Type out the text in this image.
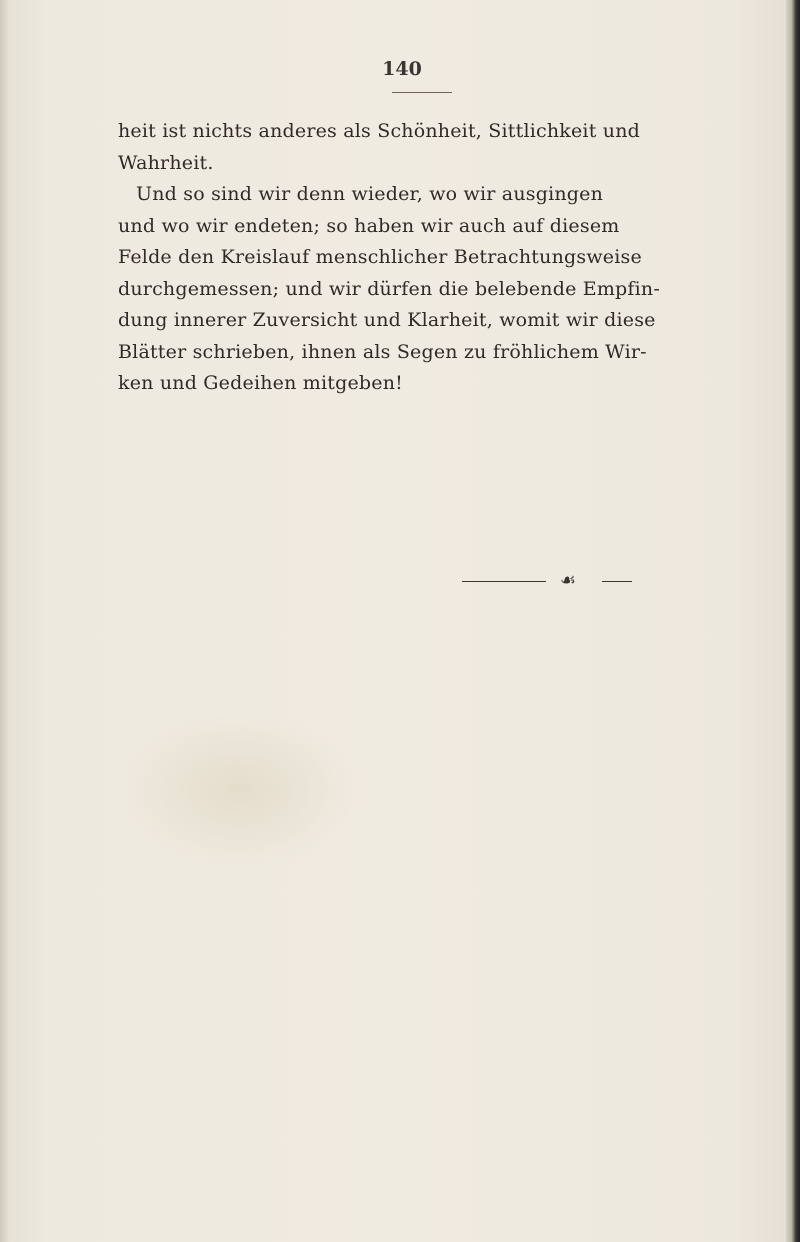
140

heit ist nichts anderes als Schönheit, Sittlichkeit und
Wahrheit.
Und so sind wir denn wieder, wo wir ausgingen
und wo wir endeten; so haben wir auch auf diesem
Felde den Kreislauf menschlicher Betrachtungsweise
durchgemessen; und wir dürfen die belebende Empfin-
dung innerer Zuversicht und Klarheit, womit wir diese
Blätter schrieben, ihnen als Segen zu fröhlichem Wir-
ken und Gedeihen mitgeben!

☙
